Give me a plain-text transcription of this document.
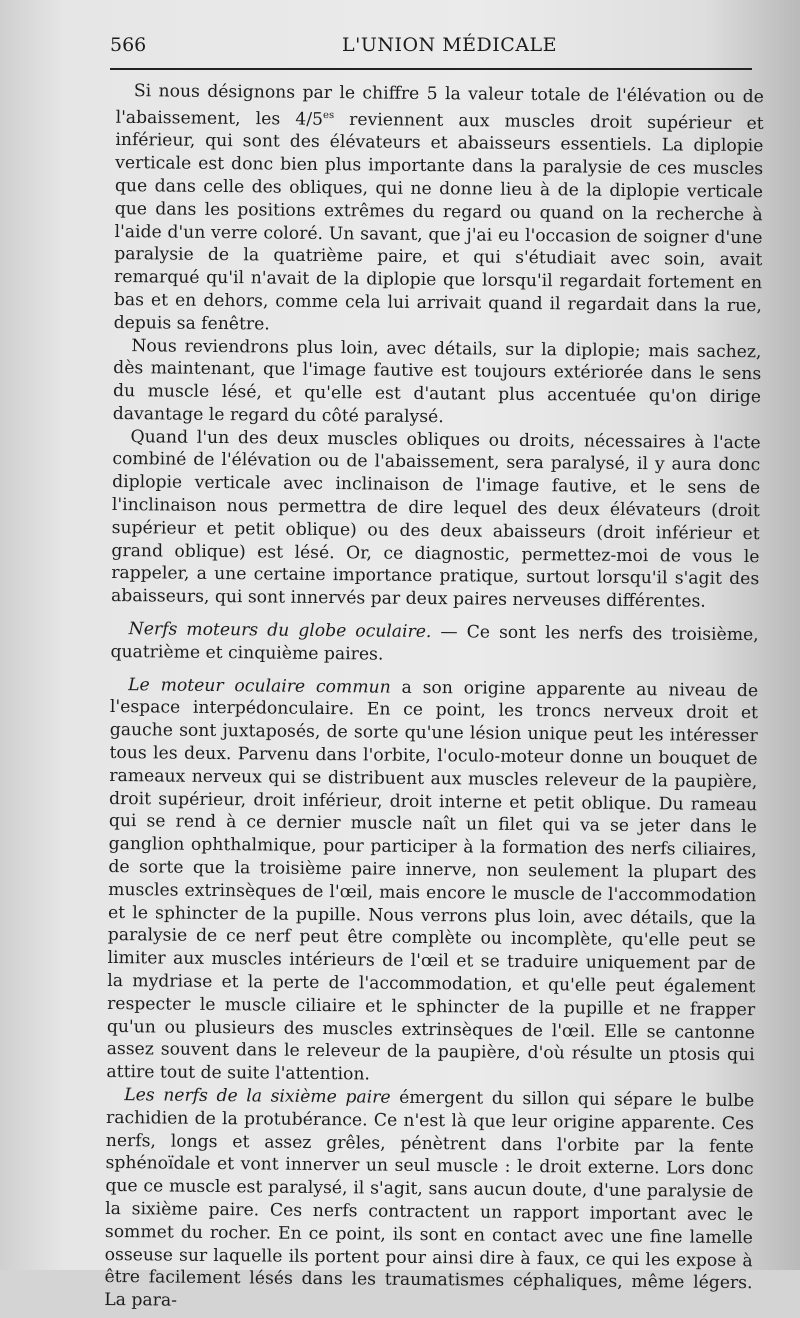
566	L'UNION MÉDICALE

Si nous désignons par le chiffre 5 la valeur totale de l'élévation ou de l'abaissement, les $4/5^{es}$ reviennent aux muscles droit supérieur et inférieur, qui sont des élévateurs et abaisseurs essentiels. La diplopie verticale est donc bien plus importante dans la paralysie de ces muscles que dans celle des obliques, qui ne donne lieu à de la diplopie verticale que dans les positions extrêmes du regard ou quand on la recherche à l'aide d'un verre coloré. Un savant, que j'ai eu l'occasion de soigner d'une paralysie de la quatrième paire, et qui s'étudiait avec soin, avait remarqué qu'il n'avait de la diplopie que lorsqu'il regardait fortement en bas et en dehors, comme cela lui arrivait quand il regardait dans la rue, depuis sa fenêtre.

Nous reviendrons plus loin, avec détails, sur la diplopie; mais sachez, dès maintenant, que l'image fautive est toujours extériorée dans le sens du muscle lésé, et qu'elle est d'autant plus accentuée qu'on dirige davantage le regard du côté paralysé.

Quand l'un des deux muscles obliques ou droits, nécessaires à l'acte combiné de l'élévation ou de l'abaissement, sera paralysé, il y aura donc diplopie verticale avec inclinaison de l'image fautive, et le sens de l'inclinaison nous permettra de dire lequel des deux élévateurs (droit supérieur et petit oblique) ou des deux abaisseurs (droit inférieur et grand oblique) est lésé. Or, ce diagnostic, permettez-moi de vous le rappeler, a une certaine importance pratique, surtout lorsqu'il s'agit des abaisseurs, qui sont innervés par deux paires nerveuses différentes.

Nerfs moteurs du globe oculaire. — Ce sont les nerfs des troisième, quatrième et cinquième paires.

Le moteur oculaire commun a son origine apparente au niveau de l'espace interpédonculaire. En ce point, les troncs nerveux droit et gauche sont juxtaposés, de sorte qu'une lésion unique peut les intéresser tous les deux. Parvenu dans l'orbite, l'oculo-moteur donne un bouquet de rameaux nerveux qui se distribuent aux muscles releveur de la paupière, droit supérieur, droit inférieur, droit interne et petit oblique. Du rameau qui se rend à ce dernier muscle naît un filet qui va se jeter dans le ganglion ophthalmique, pour participer à la formation des nerfs ciliaires, de sorte que la troisième paire innerve, non seulement la plupart des muscles extrinsèques de l'œil, mais encore le muscle de l'accommodation et le sphincter de la pupille. Nous verrons plus loin, avec détails, que la paralysie de ce nerf peut être complète ou incomplète, qu'elle peut se limiter aux muscles intérieurs de l'œil et se traduire uniquement par de la mydriase et la perte de l'accommodation, et qu'elle peut également respecter le muscle ciliaire et le sphincter de la pupille et ne frapper qu'un ou plusieurs des muscles extrinsèques de l'œil. Elle se cantonne assez souvent dans le releveur de la paupière, d'où résulte un ptosis qui attire tout de suite l'attention.

Les nerfs de la sixième paire émergent du sillon qui sépare le bulbe rachidien de la protubérance. Ce n'est là que leur origine apparente. Ces nerfs, longs et assez grêles, pénètrent dans l'orbite par la fente sphénoïdale et vont innerver un seul muscle : le droit externe. Lors donc que ce muscle est paralysé, il s'agit, sans aucun doute, d'une paralysie de la sixième paire. Ces nerfs contractent un rapport important avec le sommet du rocher. En ce point, ils sont en contact avec une fine lamelle osseuse sur laquelle ils portent pour ainsi dire à faux, ce qui les expose à être facilement lésés dans les traumatismes céphaliques, même légers. La para-
